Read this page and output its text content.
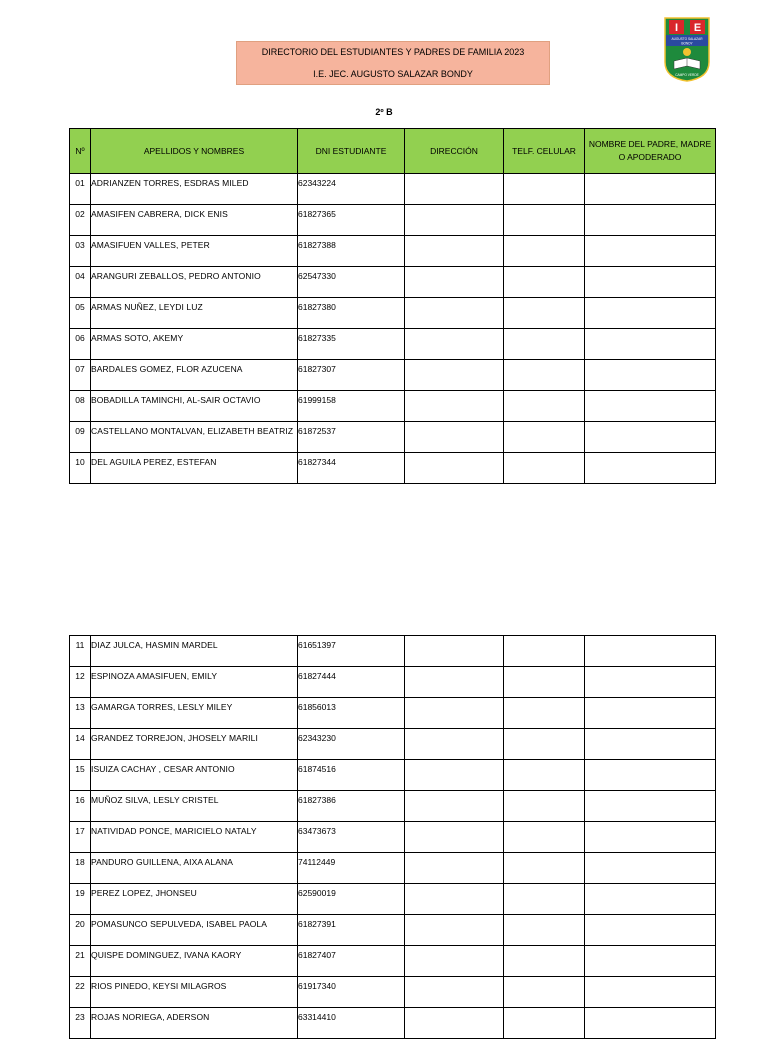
DIRECTORIO DEL ESTUDIANTES Y PADRES DE FAMILIA 2023
I.E. JEC. AUGUSTO SALAZAR BONDY
I E
AUGUSTO SALAZAR
BONDY
CAMPO VERDE
2º B
Nº	APELLIDOS Y NOMBRES	DNI ESTUDIANTE	DIRECCIÓN	TELF. CELULAR	NOMBRE DEL PADRE, MADRE O APODERADO
01	ADRIANZEN TORRES, ESDRAS MILED	62343224			
02	AMASIFEN CABRERA, DICK ENIS	61827365			
03	AMASIFUEN VALLES, PETER	61827388			
04	ARANGURI ZEBALLOS, PEDRO ANTONIO	62547330			
05	ARMAS NUÑEZ, LEYDI LUZ	61827380			
06	ARMAS SOTO, AKEMY	61827335			
07	BARDALES GOMEZ, FLOR AZUCENA	61827307			
08	BOBADILLA TAMINCHI, AL-SAIR OCTAVIO	61999158			
09	CASTELLANO MONTALVAN, ELIZABETH BEATRIZ	61872537			
10	DEL AGUILA PEREZ, ESTEFAN	61827344			
11	DIAZ JULCA, HASMIN MARDEL	61651397			
12	ESPINOZA AMASIFUEN, EMILY	61827444			
13	GAMARGA TORRES, LESLY MILEY	61856013			
14	GRANDEZ TORREJON, JHOSELY MARILI	62343230			
15	ISUIZA CACHAY , CESAR ANTONIO	61874516			
16	MUÑOZ SILVA, LESLY CRISTEL	61827386			
17	NATIVIDAD PONCE, MARICIELO NATALY	63473673			
18	PANDURO GUILLENA, AIXA ALANA	74112449			
19	PEREZ LOPEZ, JHONSEU	62590019			
20	POMASUNCO SEPULVEDA, ISABEL PAOLA	61827391			
21	QUISPE DOMINGUEZ, IVANA KAORY	61827407			
22	RIOS PINEDO, KEYSI MILAGROS	61917340			
23	ROJAS NORIEGA, ADERSON	63314410			
